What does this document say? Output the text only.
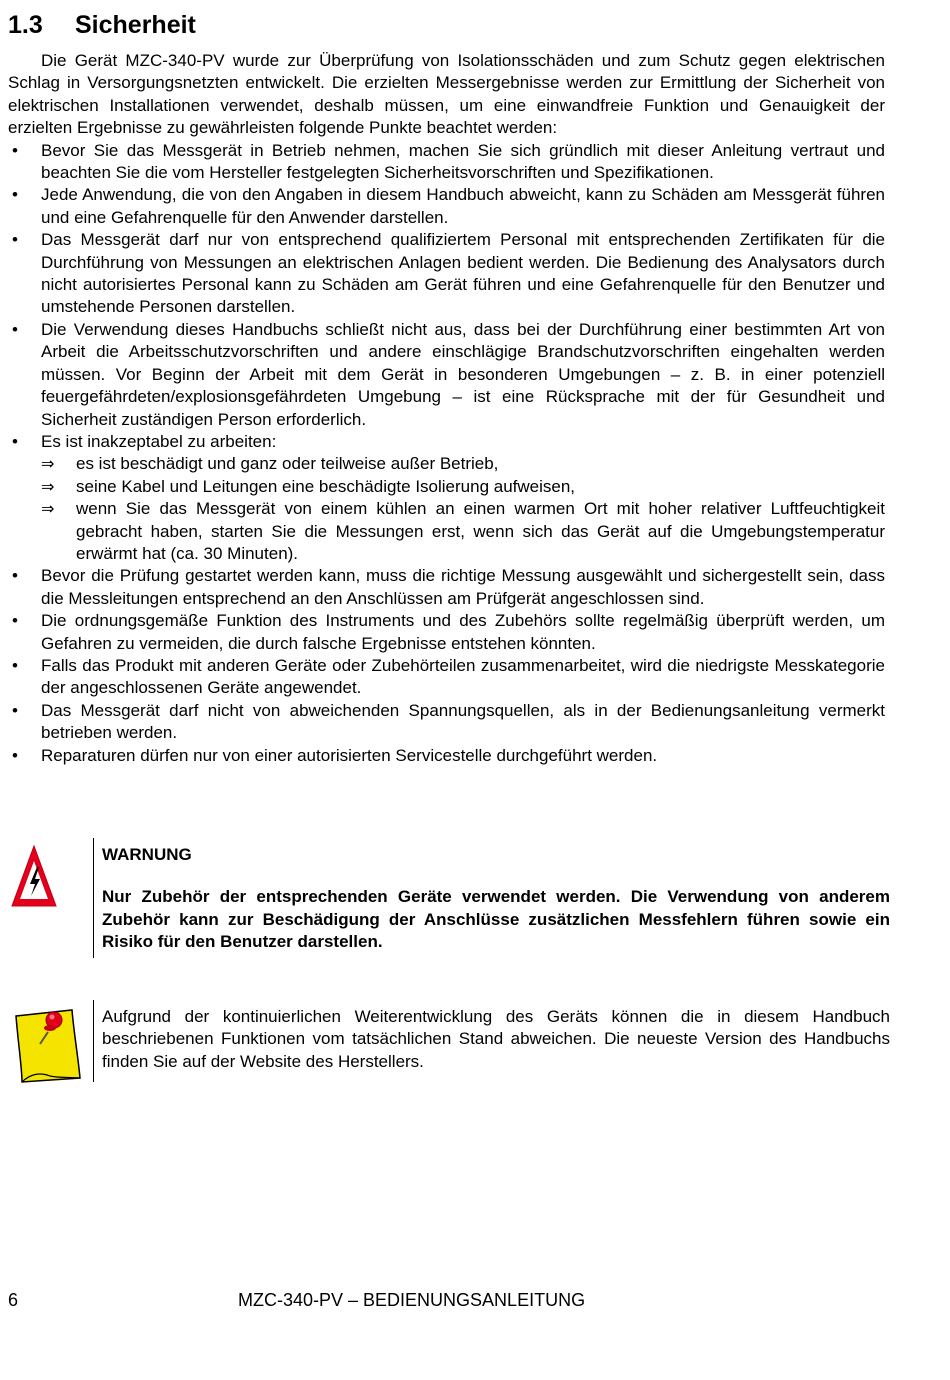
1.3 Sicherheit

Die Gerät MZC-340-PV wurde zur Überprüfung von Isolationsschäden und zum Schutz gegen elektrischen Schlag in Versorgungsnetzten entwickelt. Die erzielten Messergebnisse werden zur Ermittlung der Sicherheit von elektrischen Installationen verwendet, deshalb müssen, um eine einwandfreie Funktion und Genauigkeit der erzielten Ergebnisse zu gewährleisten folgende Punkte beachtet werden:

• Bevor Sie das Messgerät in Betrieb nehmen, machen Sie sich gründlich mit dieser Anleitung vertraut und beachten Sie die vom Hersteller festgelegten Sicherheitsvorschriften und Spezifikationen.
• Jede Anwendung, die von den Angaben in diesem Handbuch abweicht, kann zu Schäden am Messgerät führen und eine Gefahrenquelle für den Anwender darstellen.
• Das Messgerät darf nur von entsprechend qualifiziertem Personal mit entsprechenden Zertifikaten für die Durchführung von Messungen an elektrischen Anlagen bedient werden. Die Bedienung des Analysators durch nicht autorisiertes Personal kann zu Schäden am Gerät führen und eine Gefahrenquelle für den Benutzer und umstehende Personen darstellen.
• Die Verwendung dieses Handbuchs schließt nicht aus, dass bei der Durchführung einer bestimmten Art von Arbeit die Arbeitsschutzvorschriften und andere einschlägige Brandschutzvorschriften eingehalten werden müssen. Vor Beginn der Arbeit mit dem Gerät in besonderen Umgebungen – z. B. in einer potenziell feuergefährdeten/explosionsgefährdeten Umgebung – ist eine Rücksprache mit der für Gesundheit und Sicherheit zuständigen Person erforderlich.
• Es ist inakzeptabel zu arbeiten:
⇒ es ist beschädigt und ganz oder teilweise außer Betrieb,
⇒ seine Kabel und Leitungen eine beschädigte Isolierung aufweisen,
⇒ wenn Sie das Messgerät von einem kühlen an einen warmen Ort mit hoher relativer Luftfeuchtigkeit gebracht haben, starten Sie die Messungen erst, wenn sich das Gerät auf die Umgebungstemperatur erwärmt hat (ca. 30 Minuten).
• Bevor die Prüfung gestartet werden kann, muss die richtige Messung ausgewählt und sichergestellt sein, dass die Messleitungen entsprechend an den Anschlüssen am Prüfgerät angeschlossen sind.
• Die ordnungsgemäße Funktion des Instruments und des Zubehörs sollte regelmäßig überprüft werden, um Gefahren zu vermeiden, die durch falsche Ergebnisse entstehen könnten.
• Falls das Produkt mit anderen Geräte oder Zubehörteilen zusammenarbeitet, wird die niedrigste Messkategorie der angeschlossenen Geräte angewendet.
• Das Messgerät darf nicht von abweichenden Spannungsquellen, als in der Bedienungsanleitung vermerkt betrieben werden.
• Reparaturen dürfen nur von einer autorisierten Servicestelle durchgeführt werden.
WARNUNG
Nur Zubehör der entsprechenden Geräte verwendet werden. Die Verwendung von anderem Zubehör kann zur Beschädigung der Anschlüsse zusätzlichen Messfehlern führen sowie ein Risiko für den Benutzer darstellen.
Aufgrund der kontinuierlichen Weiterentwicklung des Geräts können die in diesem Handbuch beschriebenen Funktionen vom tatsächlichen Stand abweichen. Die neueste Version des Handbuchs finden Sie auf der Website des Herstellers.
6	MZC-340-PV – BEDIENUNGSANLEITUNG
